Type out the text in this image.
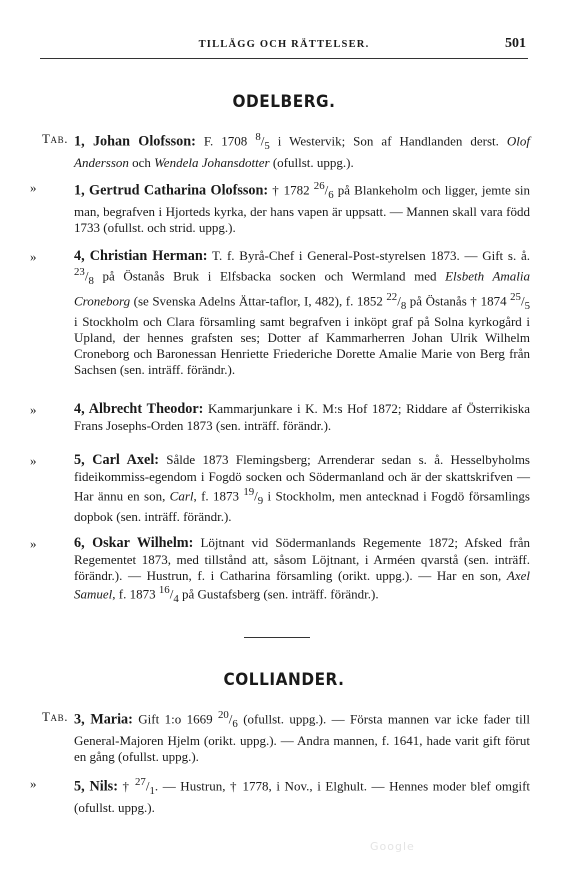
TILLÄGG OCH RÄTTELSER.	501
ODELBERG.
Tab. 1, Johan Olofsson: F. 1708 $^8/_5$ i Westervik; Son af Handlanden derst. Olof Andersson och Wendela Johansdotter (ofullst. uppg.).

»	1, Gertrud Catharina Olofsson: † 1782 $^{26}/_6$ på Blankeholm och ligger, jemte sin man, begrafven i Hjorteds kyrka, der hans vapen är uppsatt. — Mannen skall vara född 1733 (ofullst. och strid. uppg.).

»	4, Christian Herman: T. f. Byrå-Chef i General-Post-styrelsen 1873. — Gift s. å. $^{23}/_8$ på Östanås Bruk i Elfsbacka socken och Wermland med Elsbeth Amalia Croneborg (se Svenska Adelns Ättar-taflor, I, 482), f. 1852 $^{22}/_8$ på Östanås † 1874 $^{25}/_5$ i Stockholm och Clara församling samt begrafven i inköpt graf på Solna kyrkogård i Upland, der hennes grafsten ses; Dotter af Kammarherren Johan Ulrik Wilhelm Croneborg och Baronessan Henriette Friederiche Dorette Amalie Marie von Berg från Sachsen (sen. inträff. förändr.).

»	4, Albrecht Theodor: Kammarjunkare i K. M:s Hof 1872; Riddare af Österrikiska Frans Josephs-Orden 1873 (sen. inträff. förändr.).

»	5, Carl Axel: Sålde 1873 Flemingsberg; Arrenderar sedan s. å. Hesselbyholms fideikommiss-egendom i Fogdö socken och Södermanland och är der skattskrifven — Har ännu en son, Carl, f. 1873 $^{19}/_9$ i Stockholm, men antecknad i Fogdö församlings dopbok (sen. inträff. förändr.).

»	6, Oskar Wilhelm: Löjtnant vid Södermanlands Regemente 1872; Afsked från Regementet 1873, med tillstånd att, såsom Löjtnant, i Arméen qvarstå (sen. inträff. förändr.). — Hustrun, f. i Catharina församling (orikt. uppg.). — Har en son, Axel Samuel, f. 1873 $^{16}/_4$ på Gustafsberg (sen. inträff. förändr.).

COLLIANDER.
Tab. 3, Maria: Gift 1:o 1669 $^{20}/_6$ (ofullst. uppg.). — Första mannen var icke fader till General-Majoren Hjelm (orikt. uppg.). — Andra mannen, f. 1641, hade varit gift förut en gång (ofullst. uppg.).

»	5, Nils: † $^{27}/_1$. — Hustrun, † 1778, i Nov., i Elghult. — Hennes moder blef omgift (ofullst. uppg.).

Google
